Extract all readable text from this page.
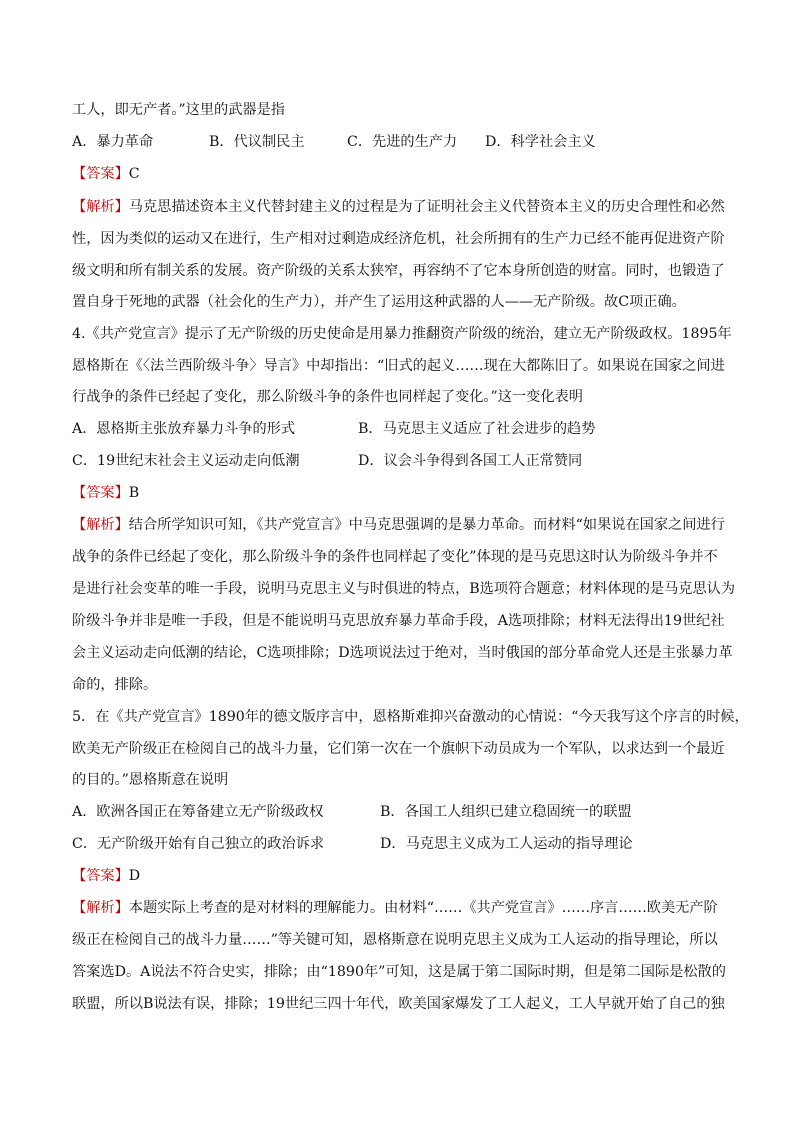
工人，即无产者。”这里的武器是指
A．暴力革命	B．代议制民主	C．先进的生产力 D．科学社会主义
【答案】C
【解析】马克思描述资本主义代替封建主义的过程是为了证明社会主义代替资本主义的历史合理性和必然
性，因为类似的运动又在进行，生产相对过剩造成经济危机，社会所拥有的生产力已经不能再促进资产阶
级文明和所有制关系的发展。资产阶级的关系太狭窄，再容纳不了它本身所创造的财富。同时，也锻造了
置自身于死地的武器（社会化的生产力），并产生了运用这种武器的人——无产阶级。故C项正确。
4.《共产党宣言》提示了无产阶级的历史使命是用暴力推翻资产阶级的统治，建立无产阶级政权。1895年
恩格斯在《〈法兰西阶级斗争〉导言》中却指出：“旧式的起义……现在大都陈旧了。如果说在国家之间进
行战争的条件已经起了变化，那么阶级斗争的条件也同样起了变化。”这一变化表明
A．恩格斯主张放弃暴力斗争的形式	B．马克思主义适应了社会进步的趋势
C．19世纪末社会主义运动走向低潮	D．议会斗争得到各国工人正常赞同
【答案】B
【解析】结合所学知识可知，《共产党宣言》中马克思强调的是暴力革命。而材料“如果说在国家之间进行
战争的条件已经起了变化，那么阶级斗争的条件也同样起了变化”体现的是马克思这时认为阶级斗争并不
是进行社会变革的唯一手段，说明马克思主义与时俱进的特点，B选项符合题意；材料体现的是马克思认为
阶级斗争并非是唯一手段，但是不能说明马克思放弃暴力革命手段，A选项排除；材料无法得出19世纪社
会主义运动走向低潮的结论，C选项排除；D选项说法过于绝对，当时俄国的部分革命党人还是主张暴力革
命的，排除。
5．在《共产党宣言》1890年的德文版序言中，恩格斯难抑兴奋激动的心情说：“今天我写这个序言的时候，
欧美无产阶级正在检阅自己的战斗力量，它们第一次在一个旗帜下动员成为一个军队，以求达到一个最近
的目的。”恩格斯意在说明
A．欧洲各国正在筹备建立无产阶级政权	B．各国工人组织已建立稳固统一的联盟
C．无产阶级开始有自己独立的政治诉求	D．马克思主义成为工人运动的指导理论
【答案】D
【解析】本题实际上考查的是对材料的理解能力。由材料“……《共产党宣言》……序言……欧美无产阶
级正在检阅自己的战斗力量……”等关键可知，恩格斯意在说明克思主义成为工人运动的指导理论，所以
答案选D。A说法不符合史实，排除；由“1890年”可知，这是属于第二国际时期，但是第二国际是松散的
联盟，所以B说法有误，排除；19世纪三四十年代，欧美国家爆发了工人起义，工人早就开始了自己的独
